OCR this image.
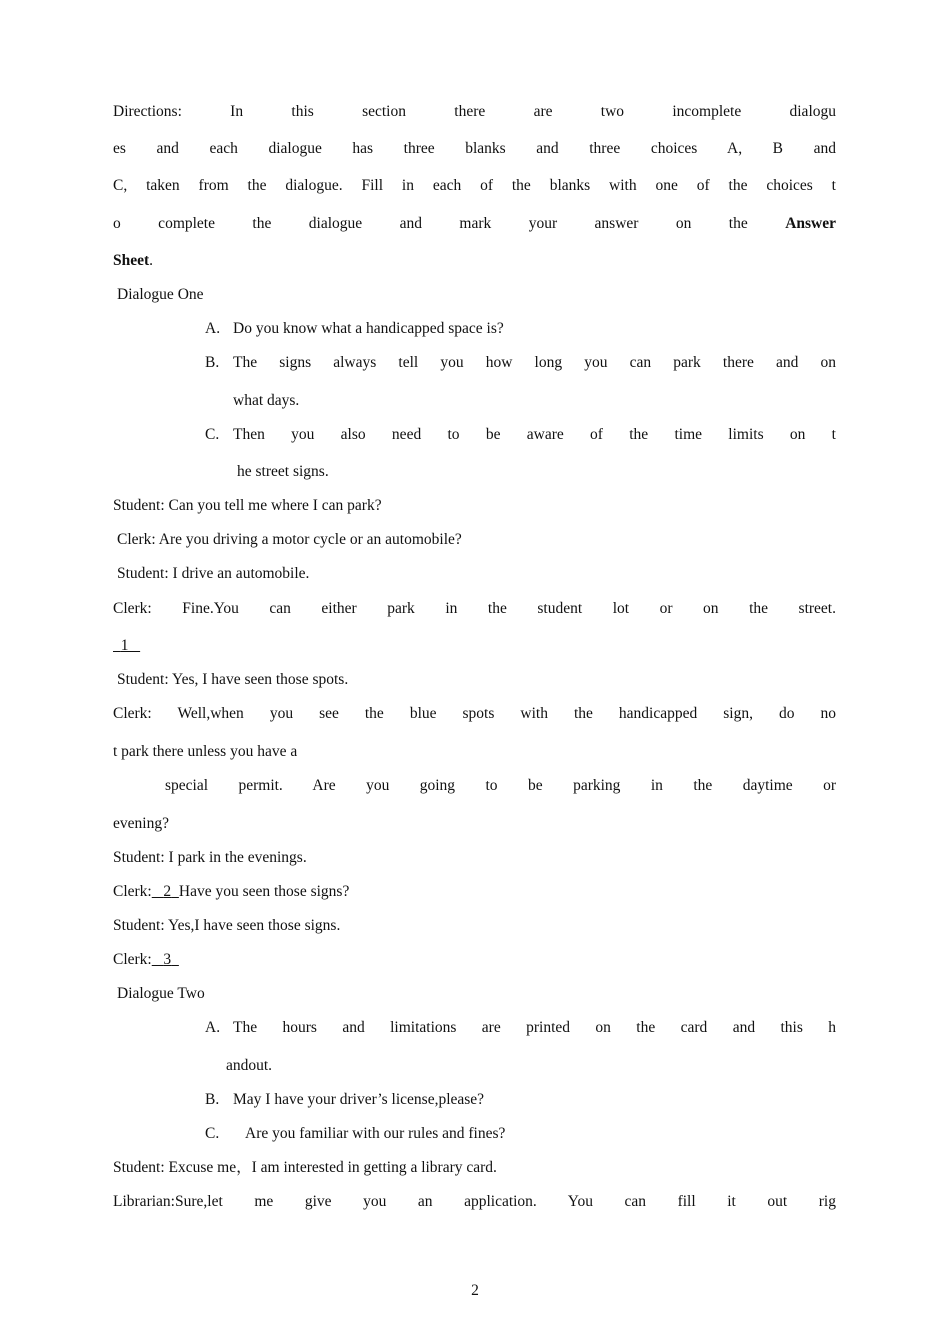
Directions: In this section there are two incomplete dialogu
es and each dialogue has three blanks and three choices A, B and
C, taken from the dialogue. Fill in each of the blanks with one of the choices t
o complete the dialogue and mark your answer on the Answer
Sheet.
Dialogue One
A. Do you know what a handicapped space is?
B. The signs always tell you how long you can park there and on
what days.
C. Then you also need to be aware of the time limits on t
he street signs.
Student: Can you tell me where I can park?
Clerk: Are you driving a motor cycle or an automobile?
Student: I drive an automobile.
Clerk: Fine.You can either park in the student lot or on the street.
1
Student: Yes, I have seen those spots.
Clerk: Well,when you see the blue spots with the handicapped sign, do no
t park there unless you have a
special permit. Are you going to be parking in the daytime or
evening?
Student: I park in the evenings.
Clerk: 2 Have you seen those signs?
Student: Yes,I have seen those signs.
Clerk: 3
Dialogue Two
A. The hours and limitations are printed on the card and this h
andout.
B. May I have your driver’s license,please?
C. Are you familiar with our rules and fines?
Student: Excuse me，I am interested in getting a library card.
Librarian:Sure,let me give you an application. You can fill it out rig
2
